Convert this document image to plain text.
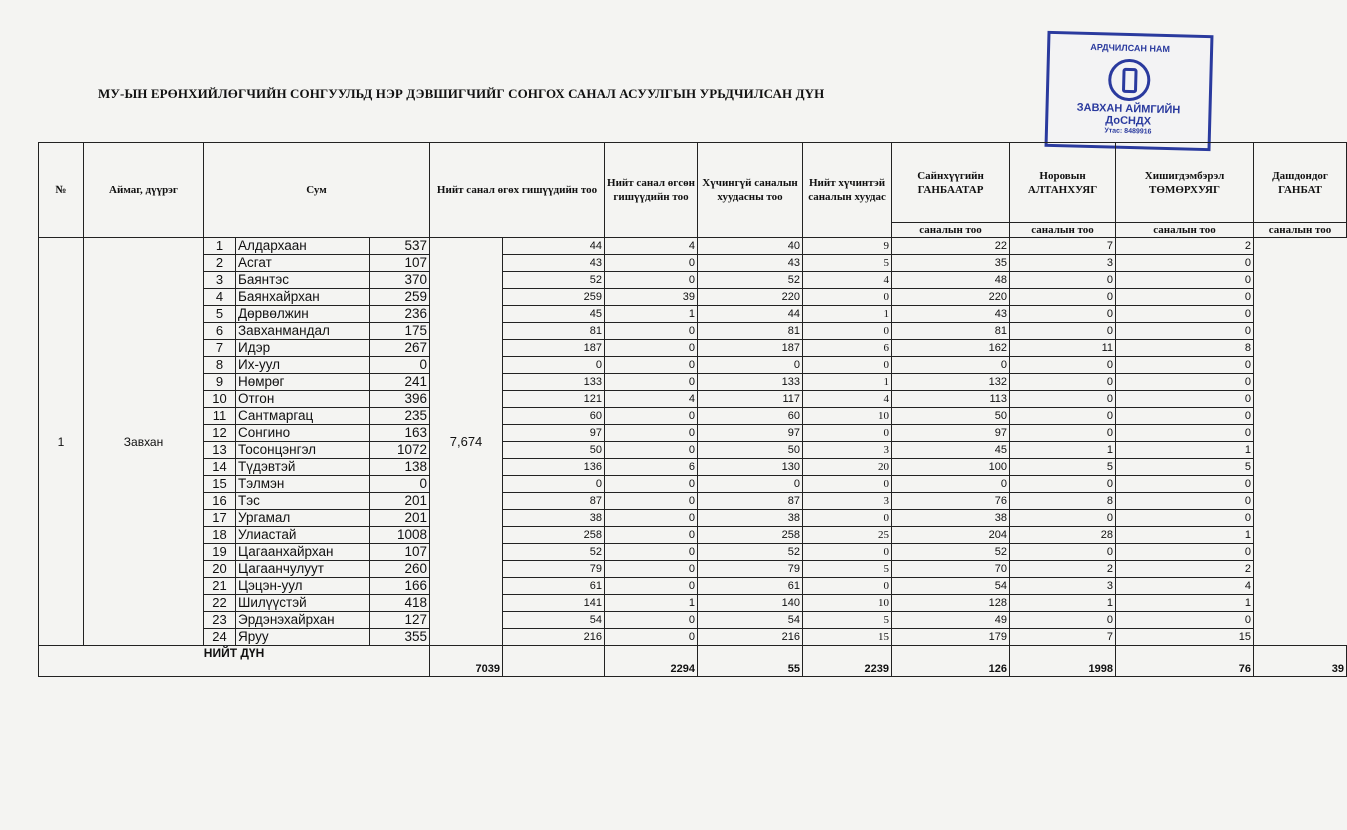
МУ-ЫН ЕРӨНХИЙЛӨГЧИЙН СОНГУУЛЬД НЭР ДЭВШИГЧИЙГ СОНГОХ САНАЛ АСУУЛГЫН УРЬДЧИЛСАН ДҮН
АРДЧИЛСАН НАМ
ЗАВХАН АЙМГИЙН
ДоСНДХ
Утас: 8489916
№	Аймаг, дүүрэг	Сум			Нийт санал өгөх гишүүдийн тоо		Нийт санал өгсөн гишүүдийн тоо	Хүчингүй саналын хуудасны тоо	Нийт хүчинтэй саналын хуудас	Сайнхүүгийн ГАНБААТАР	Норовын АЛТАНХУЯГ	Хишигдэмбэрэл ТӨМӨРХУЯГ	Дашдондог ГАНБАТ
										саналын тоо	саналын тоо	саналын тоо	саналын тоо
1	Завхан	1	Алдархаан	537	7,674	44	4	40	9	22	7	2	
		2	Асгат	107		43	0	43	5	35	3	0	
		3	Баянтэс	370		52	0	52	4	48	0	0	
		4	Баянхайрхан	259		259	39	220	0	220	0	0	
		5	Дөрвөлжин	236		45	1	44	1	43	0	0	
		6	Завханмандал	175		81	0	81	0	81	0	0	
		7	Идэр	267		187	0	187	6	162	11	8	
		8	Их-уул	0		0	0	0	0	0	0	0	
		9	Нөмрөг	241		133	0	133	1	132	0	0	
		10	Отгон	396		121	4	117	4	113	0	0	
		11	Сантмаргац	235		60	0	60	10	50	0	0	
		12	Сонгино	163		97	0	97	0	97	0	0	
		13	Тосонцэнгэл	1072		50	0	50	3	45	1	1	
		14	Түдэвтэй	138		136	6	130	20	100	5	5	
		15	Тэлмэн	0		0	0	0	0	0	0	0	
		16	Тэс	201		87	0	87	3	76	8	0	
		17	Ургамал	201		38	0	38	0	38	0	0	
		18	Улиастай	1008		258	0	258	25	204	28	1	
		19	Цагаанхайрхан	107		52	0	52	0	52	0	0	
		20	Цагаанчулуут	260		79	0	79	5	70	2	2	
		21	Цэцэн-уул	166		61	0	61	0	54	3	4	
		22	Шилүүстэй	418		141	1	140	10	128	1	1	
		23	Эрдэнэхайрхан	127		54	0	54	5	49	0	0	
		24	Яруу	355		216	0	216	15	179	7	15	
НИЙТ ДҮН					7039		2294	55	2239	126	1998	76	39
